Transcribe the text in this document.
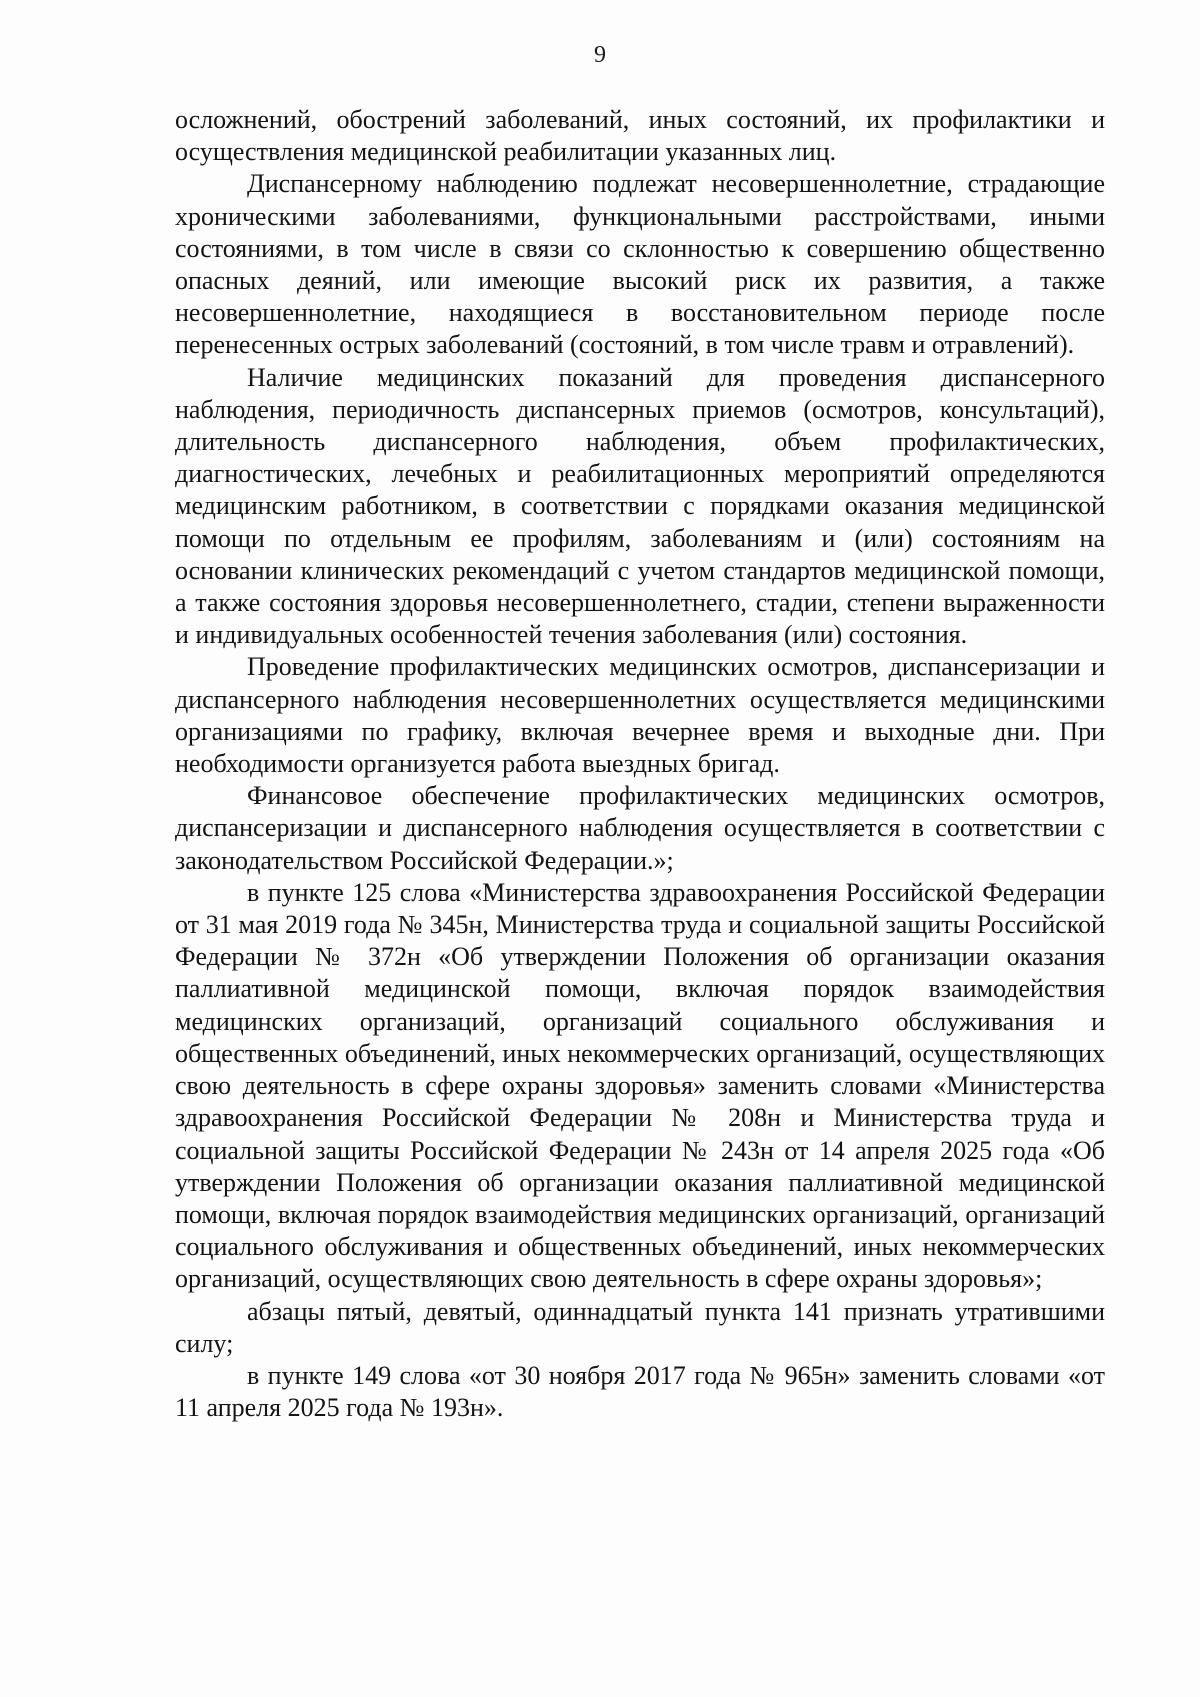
9

осложнений, обострений заболеваний, иных состояний, их профилактики и осуществления медицинской реабилитации указанных лиц.

Диспансерному наблюдению подлежат несовершеннолетние, страдающие хроническими заболеваниями, функциональными расстройствами, иными состояниями, в том числе в связи со склонностью к совершению общественно опасных деяний, или имеющие высокий риск их развития, а также несовершеннолетние, находящиеся в восстановительном периоде после перенесенных острых заболеваний (состояний, в том числе травм и отравлений).

Наличие медицинских показаний для проведения диспансерного наблюдения, периодичность диспансерных приемов (осмотров, консультаций), длительность диспансерного наблюдения, объем профилактических, диагностических, лечебных и реабилитационных мероприятий определяются медицинским работником, в соответствии с порядками оказания медицинской помощи по отдельным ее профилям, заболеваниям и (или) состояниям на основании клинических рекомендаций с учетом стандартов медицинской помощи, а также состояния здоровья несовершеннолетнего, стадии, степени выраженности и индивидуальных особенностей течения заболевания (или) состояния.

Проведение профилактических медицинских осмотров, диспансеризации и диспансерного наблюдения несовершеннолетних осуществляется медицинскими организациями по графику, включая вечернее время и выходные дни. При необходимости организуется работа выездных бригад.

Финансовое обеспечение профилактических медицинских осмотров, диспансеризации и диспансерного наблюдения осуществляется в соответствии с законодательством Российской Федерации.»;

в пункте 125 слова «Министерства здравоохранения Российской Федерации от 31 мая 2019 года № 345н, Министерства труда и социальной защиты Российской Федерации № 372н «Об утверждении Положения об организации оказания паллиативной медицинской помощи, включая порядок взаимодействия медицинских организаций, организаций социального обслуживания и общественных объединений, иных некоммерческих организаций, осуществляющих свою деятельность в сфере охраны здоровья» заменить словами «Министерства здравоохранения Российской Федерации № 208н и Министерства труда и социальной защиты Российской Федерации № 243н от 14 апреля 2025 года «Об утверждении Положения об организации оказания паллиативной медицинской помощи, включая порядок взаимодействия медицинских организаций, организаций социального обслуживания и общественных объединений, иных некоммерческих организаций, осуществляющих свою деятельность в сфере охраны здоровья»;

абзацы пятый, девятый, одиннадцатый пункта 141 признать утратившими силу;

в пункте 149 слова «от 30 ноября 2017 года № 965н» заменить словами «от 11 апреля 2025 года № 193н».
